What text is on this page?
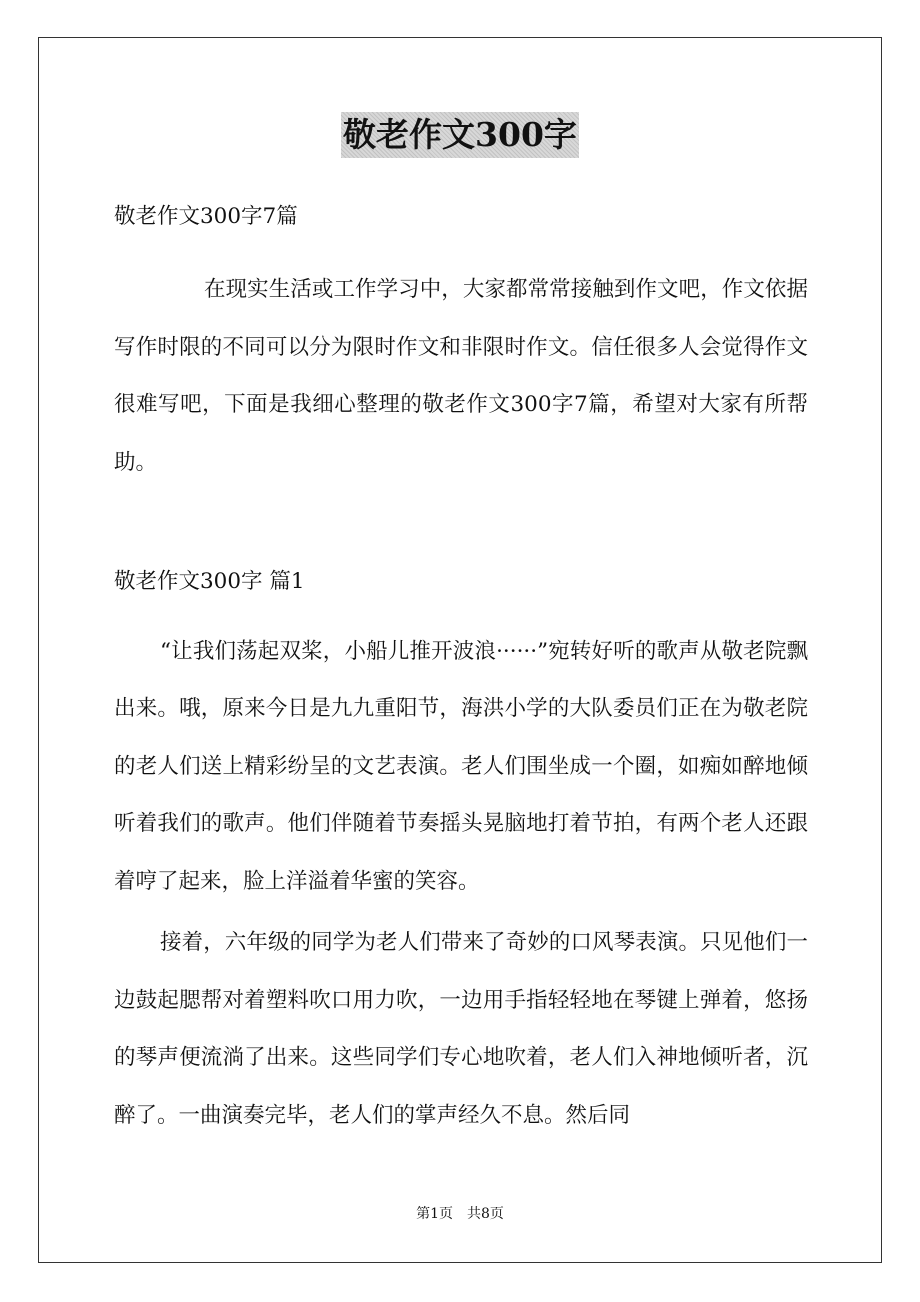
敬老作文300字

敬老作文300字7篇

在现实生活或工作学习中，大家都常常接触到作文吧，作文依据写作时限的不同可以分为限时作文和非限时作文。信任很多人会觉得作文很难写吧，下面是我细心整理的敬老作文300字7篇，希望对大家有所帮助。

敬老作文300字 篇1

“让我们荡起双桨，小船儿推开波浪······”宛转好听的歌声从敬老院飘出来。哦，原来今日是九九重阳节，海洪小学的大队委员们正在为敬老院的老人们送上精彩纷呈的文艺表演。老人们围坐成一个圈，如痴如醉地倾听着我们的歌声。他们伴随着节奏摇头晃脑地打着节拍，有两个老人还跟着哼了起来，脸上洋溢着华蜜的笑容。

接着，六年级的同学为老人们带来了奇妙的口风琴表演。只见他们一边鼓起腮帮对着塑料吹口用力吹，一边用手指轻轻地在琴键上弹着，悠扬的琴声便流淌了出来。这些同学们专心地吹着，老人们入神地倾听者，沉醉了。一曲演奏完毕，老人们的掌声经久不息。然后同

第1页 共8页
